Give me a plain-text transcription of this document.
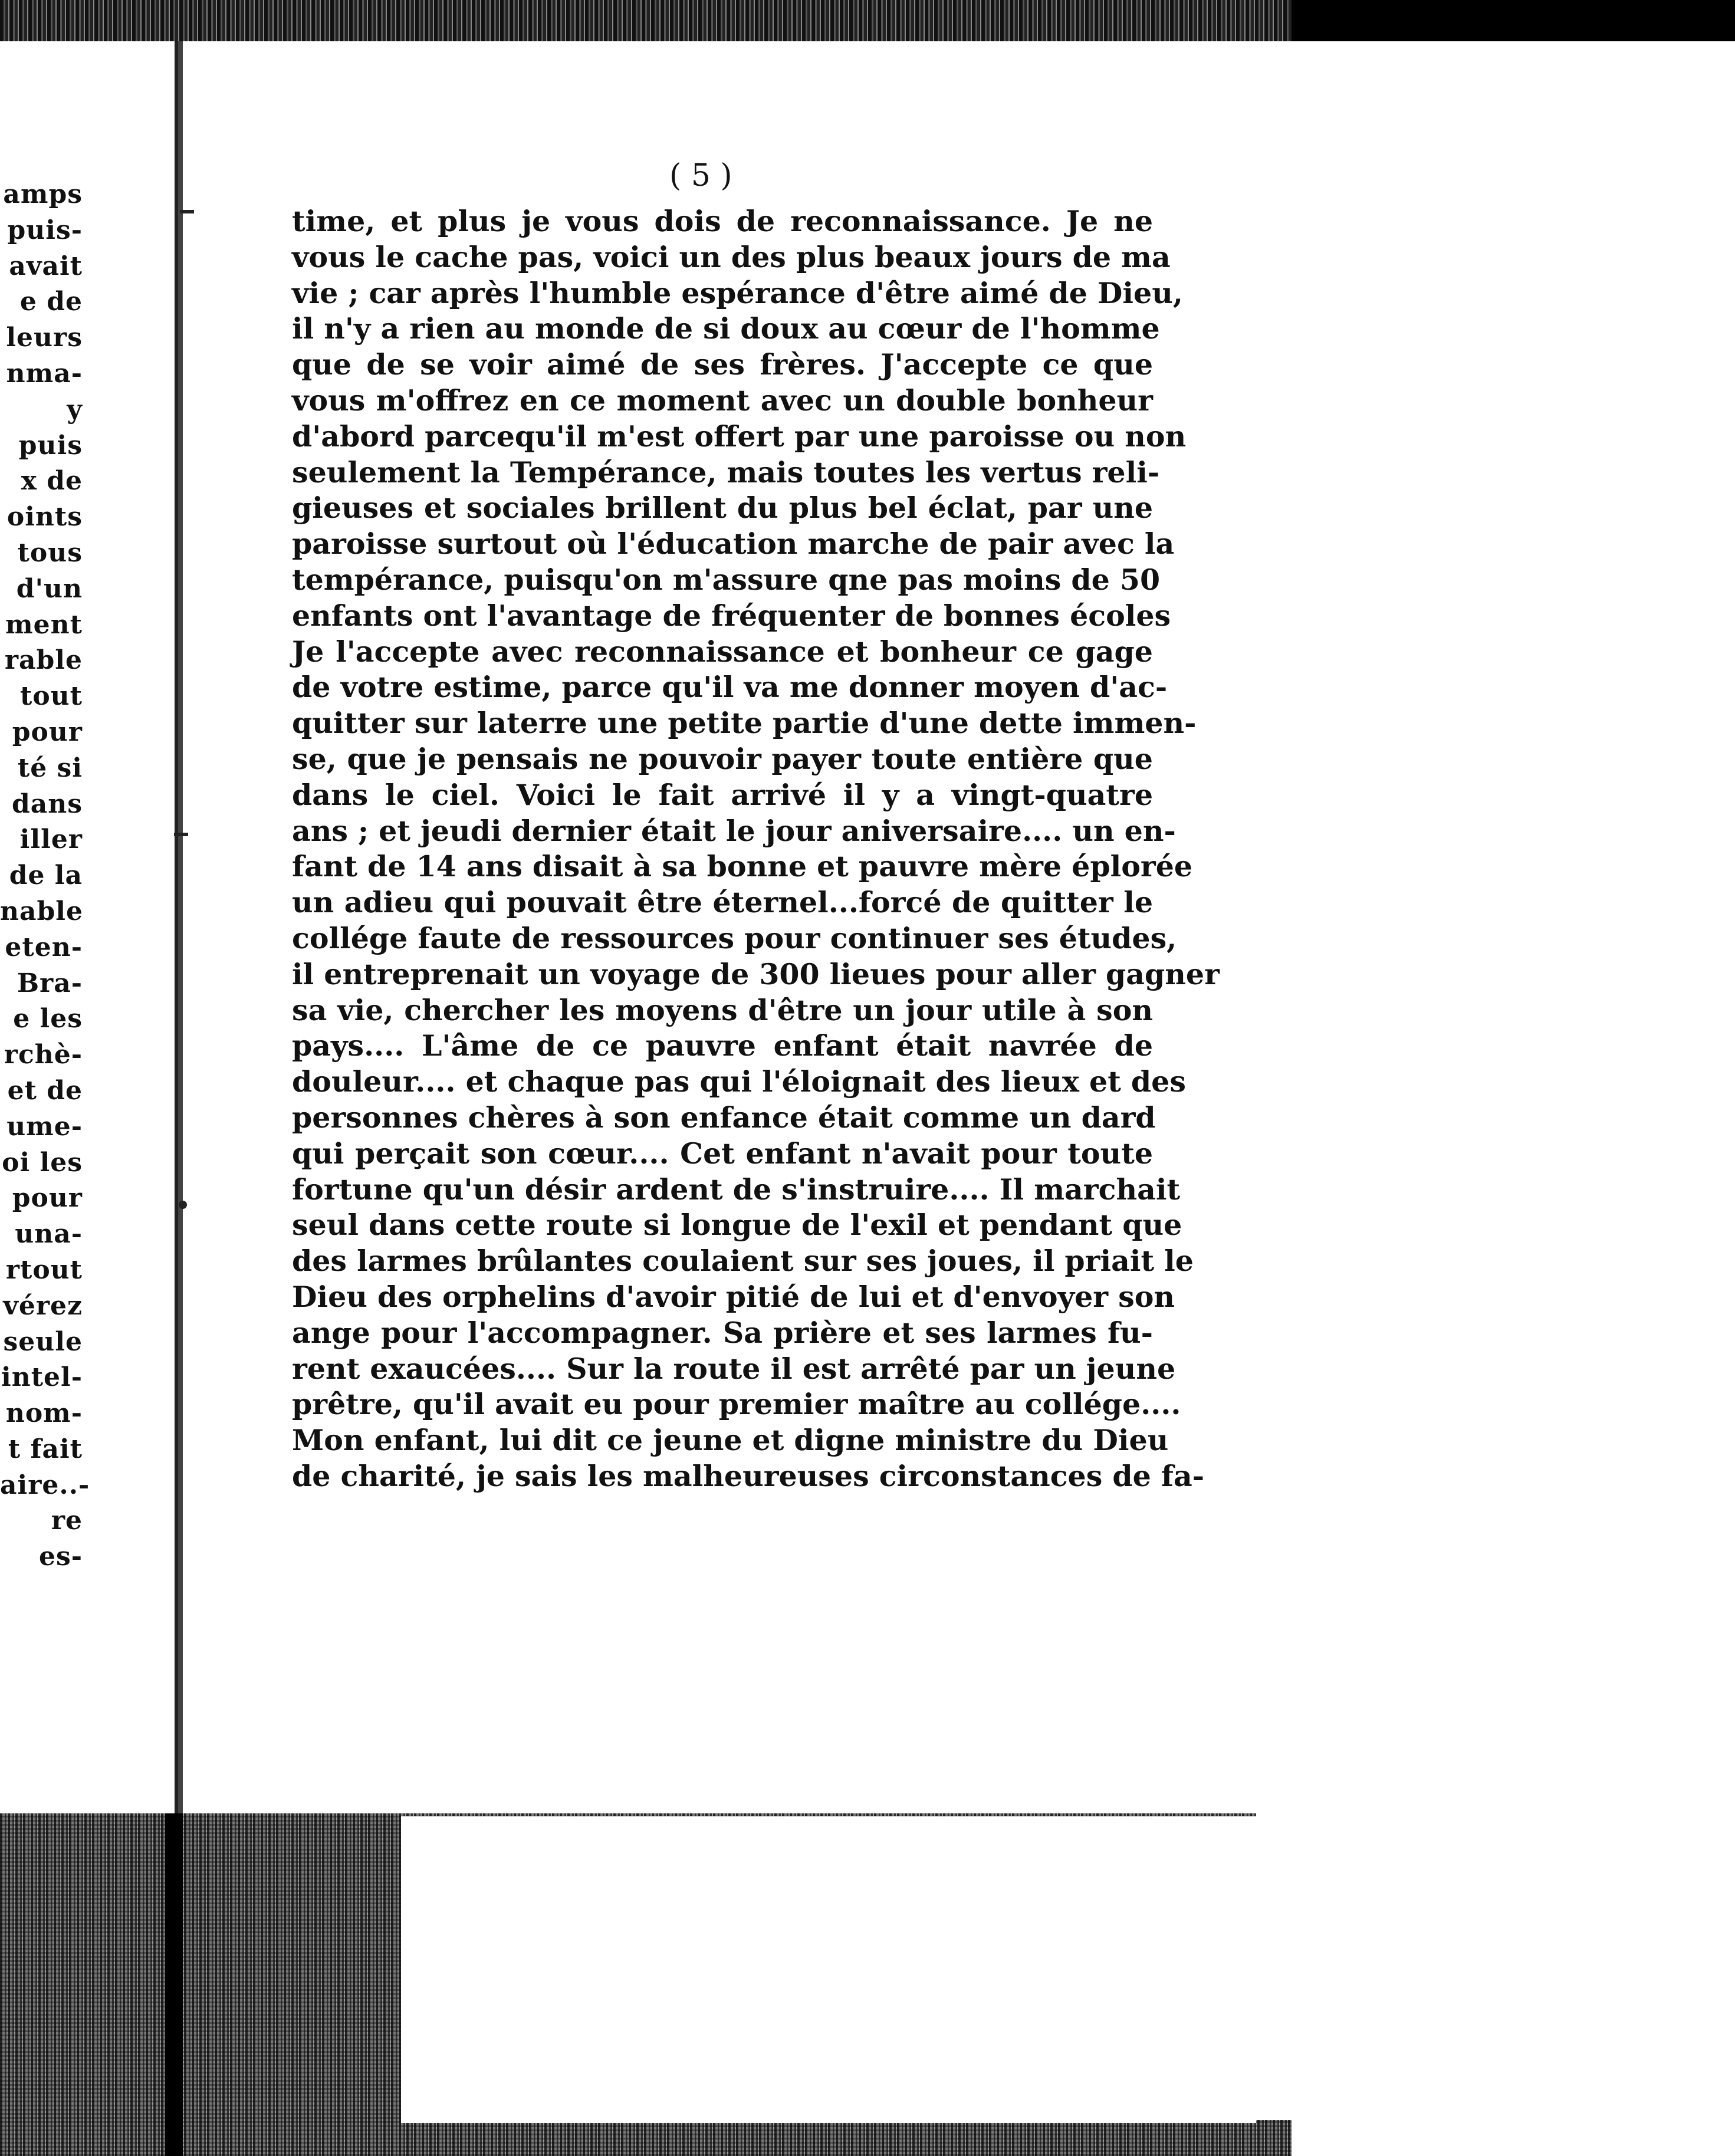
amps
puis-
avait
e de
leurs
nma-
y puis
x de
oints
tous
d'un
ment
rable
tout
pour
té si
dans
iller
de la
nable
eten-
Bra-
e les
rchè-
et de
ume-
oi les
pour
una-
rtout
vérez
seule
intel-
nom-
t fait
aire..-
re es-
( 5 )
time, et plus je vous dois de reconnaissance. Je ne
vous le cache pas, voici un des plus beaux jours de ma
vie ; car après l'humble espérance d'être aimé de Dieu,
il n'y a rien au monde de si doux au cœur de l'homme
que de se voir aimé de ses frères. J'accepte ce que
vous m'offrez en ce moment avec un double bonheur
d'abord parcequ'il m'est offert par une paroisse ou non
seulement la Tempérance, mais toutes les vertus reli-
gieuses et sociales brillent du plus bel éclat, par une
paroisse surtout où l'éducation marche de pair avec la
tempérance, puisqu'on m'assure qne pas moins de 50
enfants ont l'avantage de fréquenter de bonnes écoles
Je l'accepte avec reconnaissance et bonheur ce gage
de votre estime, parce qu'il va me donner moyen d'ac-
quitter sur laterre une petite partie d'une dette immen-
se, que je pensais ne pouvoir payer toute entière que
dans le ciel. Voici le fait arrivé il y a vingt-quatre
ans ; et jeudi dernier était le jour aniversaire.... un en-
fant de 14 ans disait à sa bonne et pauvre mère éplorée
un adieu qui pouvait être éternel...forcé de quitter le
collége faute de ressources pour continuer ses études,
il entreprenait un voyage de 300 lieues pour aller gagner
sa vie, chercher les moyens d'être un jour utile à son
pays.... L'âme de ce pauvre enfant était navrée de
douleur.... et chaque pas qui l'éloignait des lieux et des
personnes chères à son enfance était comme un dard
qui perçait son cœur.... Cet enfant n'avait pour toute
fortune qu'un désir ardent de s'instruire.... Il marchait
seul dans cette route si longue de l'exil et pendant que
des larmes brûlantes coulaient sur ses joues, il priait le
Dieu des orphelins d'avoir pitié de lui et d'envoyer son
ange pour l'accompagner. Sa prière et ses larmes fu-
rent exaucées.... Sur la route il est arrêté par un jeune
prêtre, qu'il avait eu pour premier maître au collége....
Mon enfant, lui dit ce jeune et digne ministre du Dieu
de charité, je sais les malheureuses circonstances de fa-
